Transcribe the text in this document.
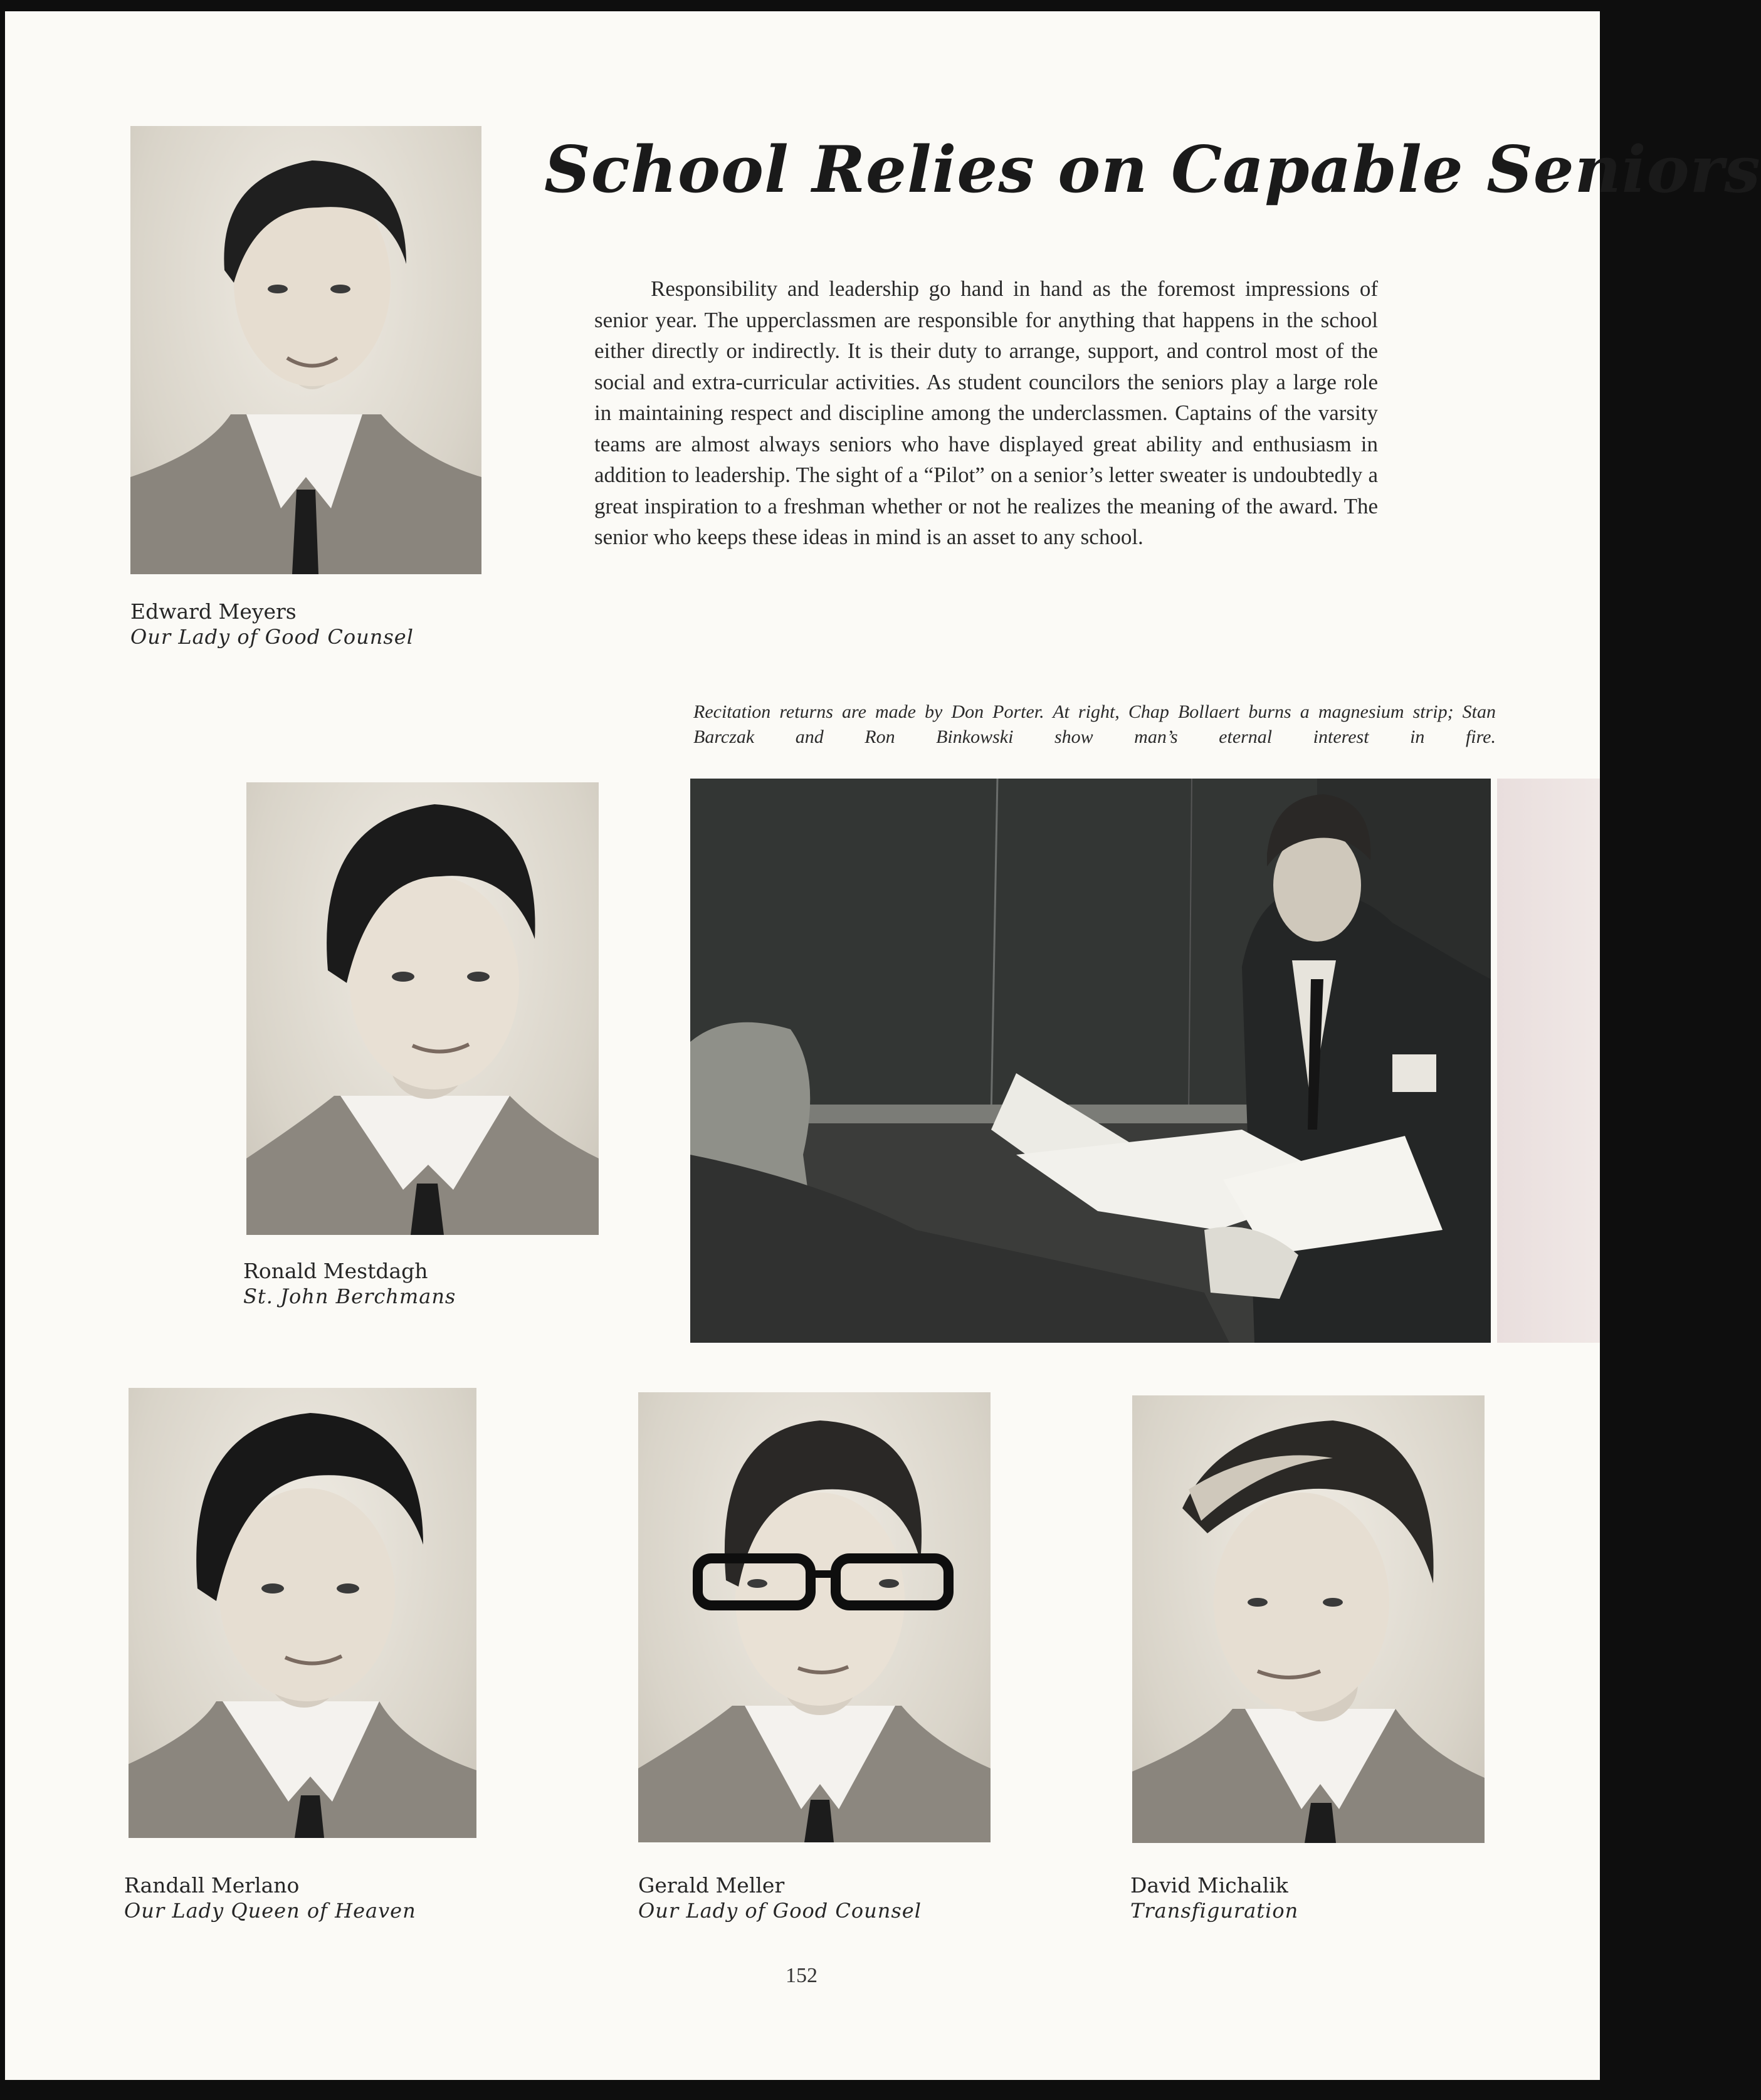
Edward Meyers
Our Lady of Good Counsel
School Relies on Capable Seniors
Responsibility and leadership go hand in hand as the foremost impressions of senior year. The upperclassmen are responsible for anything that happens in the school either directly or indirectly. It is their duty to arrange, support, and control most of the social and extra-curricular activities. As student councilors the seniors play a large role in maintaining respect and discipline among the underclassmen. Captains of the varsity teams are almost always seniors who have displayed great ability and enthusiasm in addition to leadership. The sight of a “Pilot” on a senior’s letter sweater is undoubtedly a great inspiration to a freshman whether or not he realizes the meaning of the award. The senior who keeps these ideas in mind is an asset to any school.
Recitation returns are made by Don Porter. At right, Chap Bollaert burns a magnesium strip; Stan Barczak and Ron Binkowski show man’s eternal interest in fire.
Ronald Mestdagh
St. John Berchmans
Randall Merlano
Our Lady Queen of Heaven
Gerald Meller
Our Lady of Good Counsel
David Michalik
Transfiguration
152
